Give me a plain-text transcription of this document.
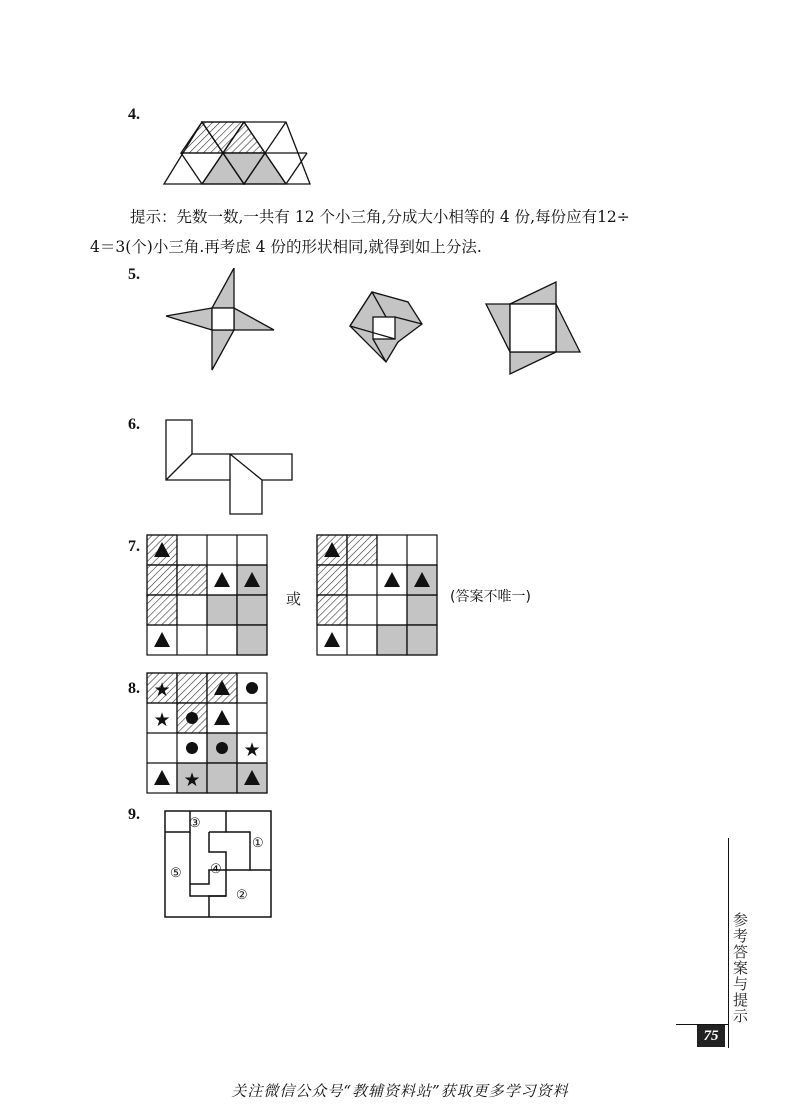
4.
提示：先数一数,一共有 12 个小三角,分成大小相等的 4 份,每份应有12÷
4＝3(个)小三角.再考虑 4 份的形状相同,就得到如上分法.
5.
6.
7.
或	(答案不唯一)
8. ★
★
★
★
9.
③
①
④
⑤
②
参考答案与提示
75
关注微信公众号“教辅资料站”获取更多学习资料
